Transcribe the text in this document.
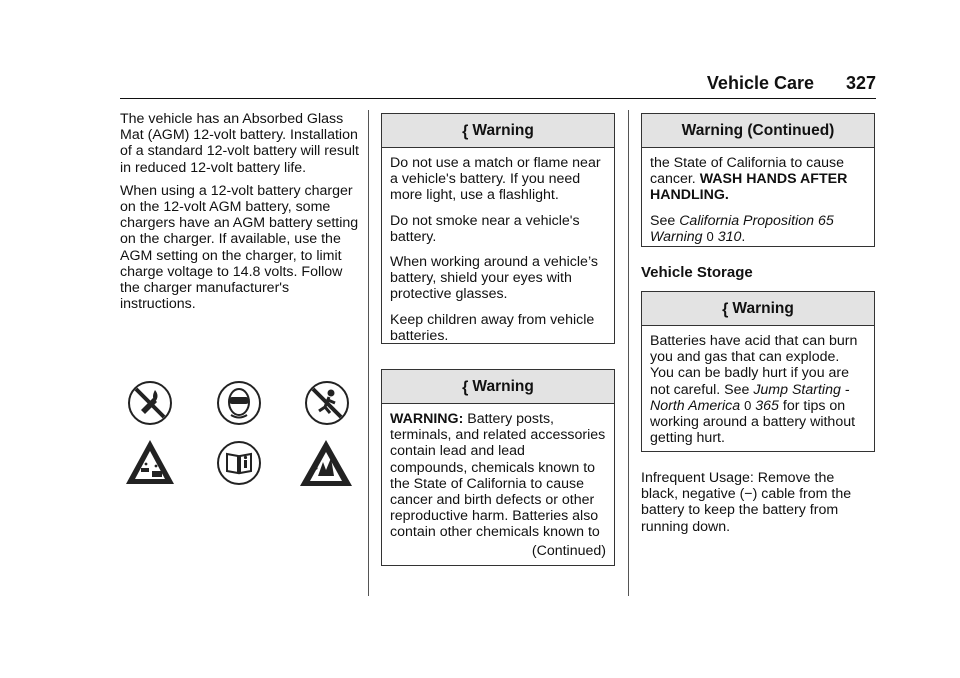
Vehicle Care 327

The vehicle has an Absorbed Glass Mat (AGM) 12-volt battery. Installation of a standard 12-volt battery will result in reduced 12-volt battery life.

When using a 12-volt battery charger on the 12-volt AGM battery, some chargers have an AGM battery setting on the charger. If available, use the AGM setting on the charger, to limit charge voltage to 14.8 volts. Follow the charger manufacturer's instructions.

{ Warning

Do not use a match or flame near a vehicle's battery. If you need more light, use a flashlight.

Do not smoke near a vehicle's battery.

When working around a vehicle’s battery, shield your eyes with protective glasses.

Keep children away from vehicle batteries.

{ Warning

WARNING: Battery posts, terminals, and related accessories contain lead and lead compounds, chemicals known to the State of California to cause cancer and birth defects or other reproductive harm. Batteries also contain other chemicals known to

(Continued)
Warning (Continued)

the State of California to cause cancer. WASH HANDS AFTER HANDLING.

See California Proposition 65 Warning 0 310.

Vehicle Storage
{ Warning

Batteries have acid that can burn you and gas that can explode. You can be badly hurt if you are not careful. See Jump Starting - North America 0 365 for tips on working around a battery without getting hurt.

Infrequent Usage: Remove the black, negative (−) cable from the battery to keep the battery from running down.
